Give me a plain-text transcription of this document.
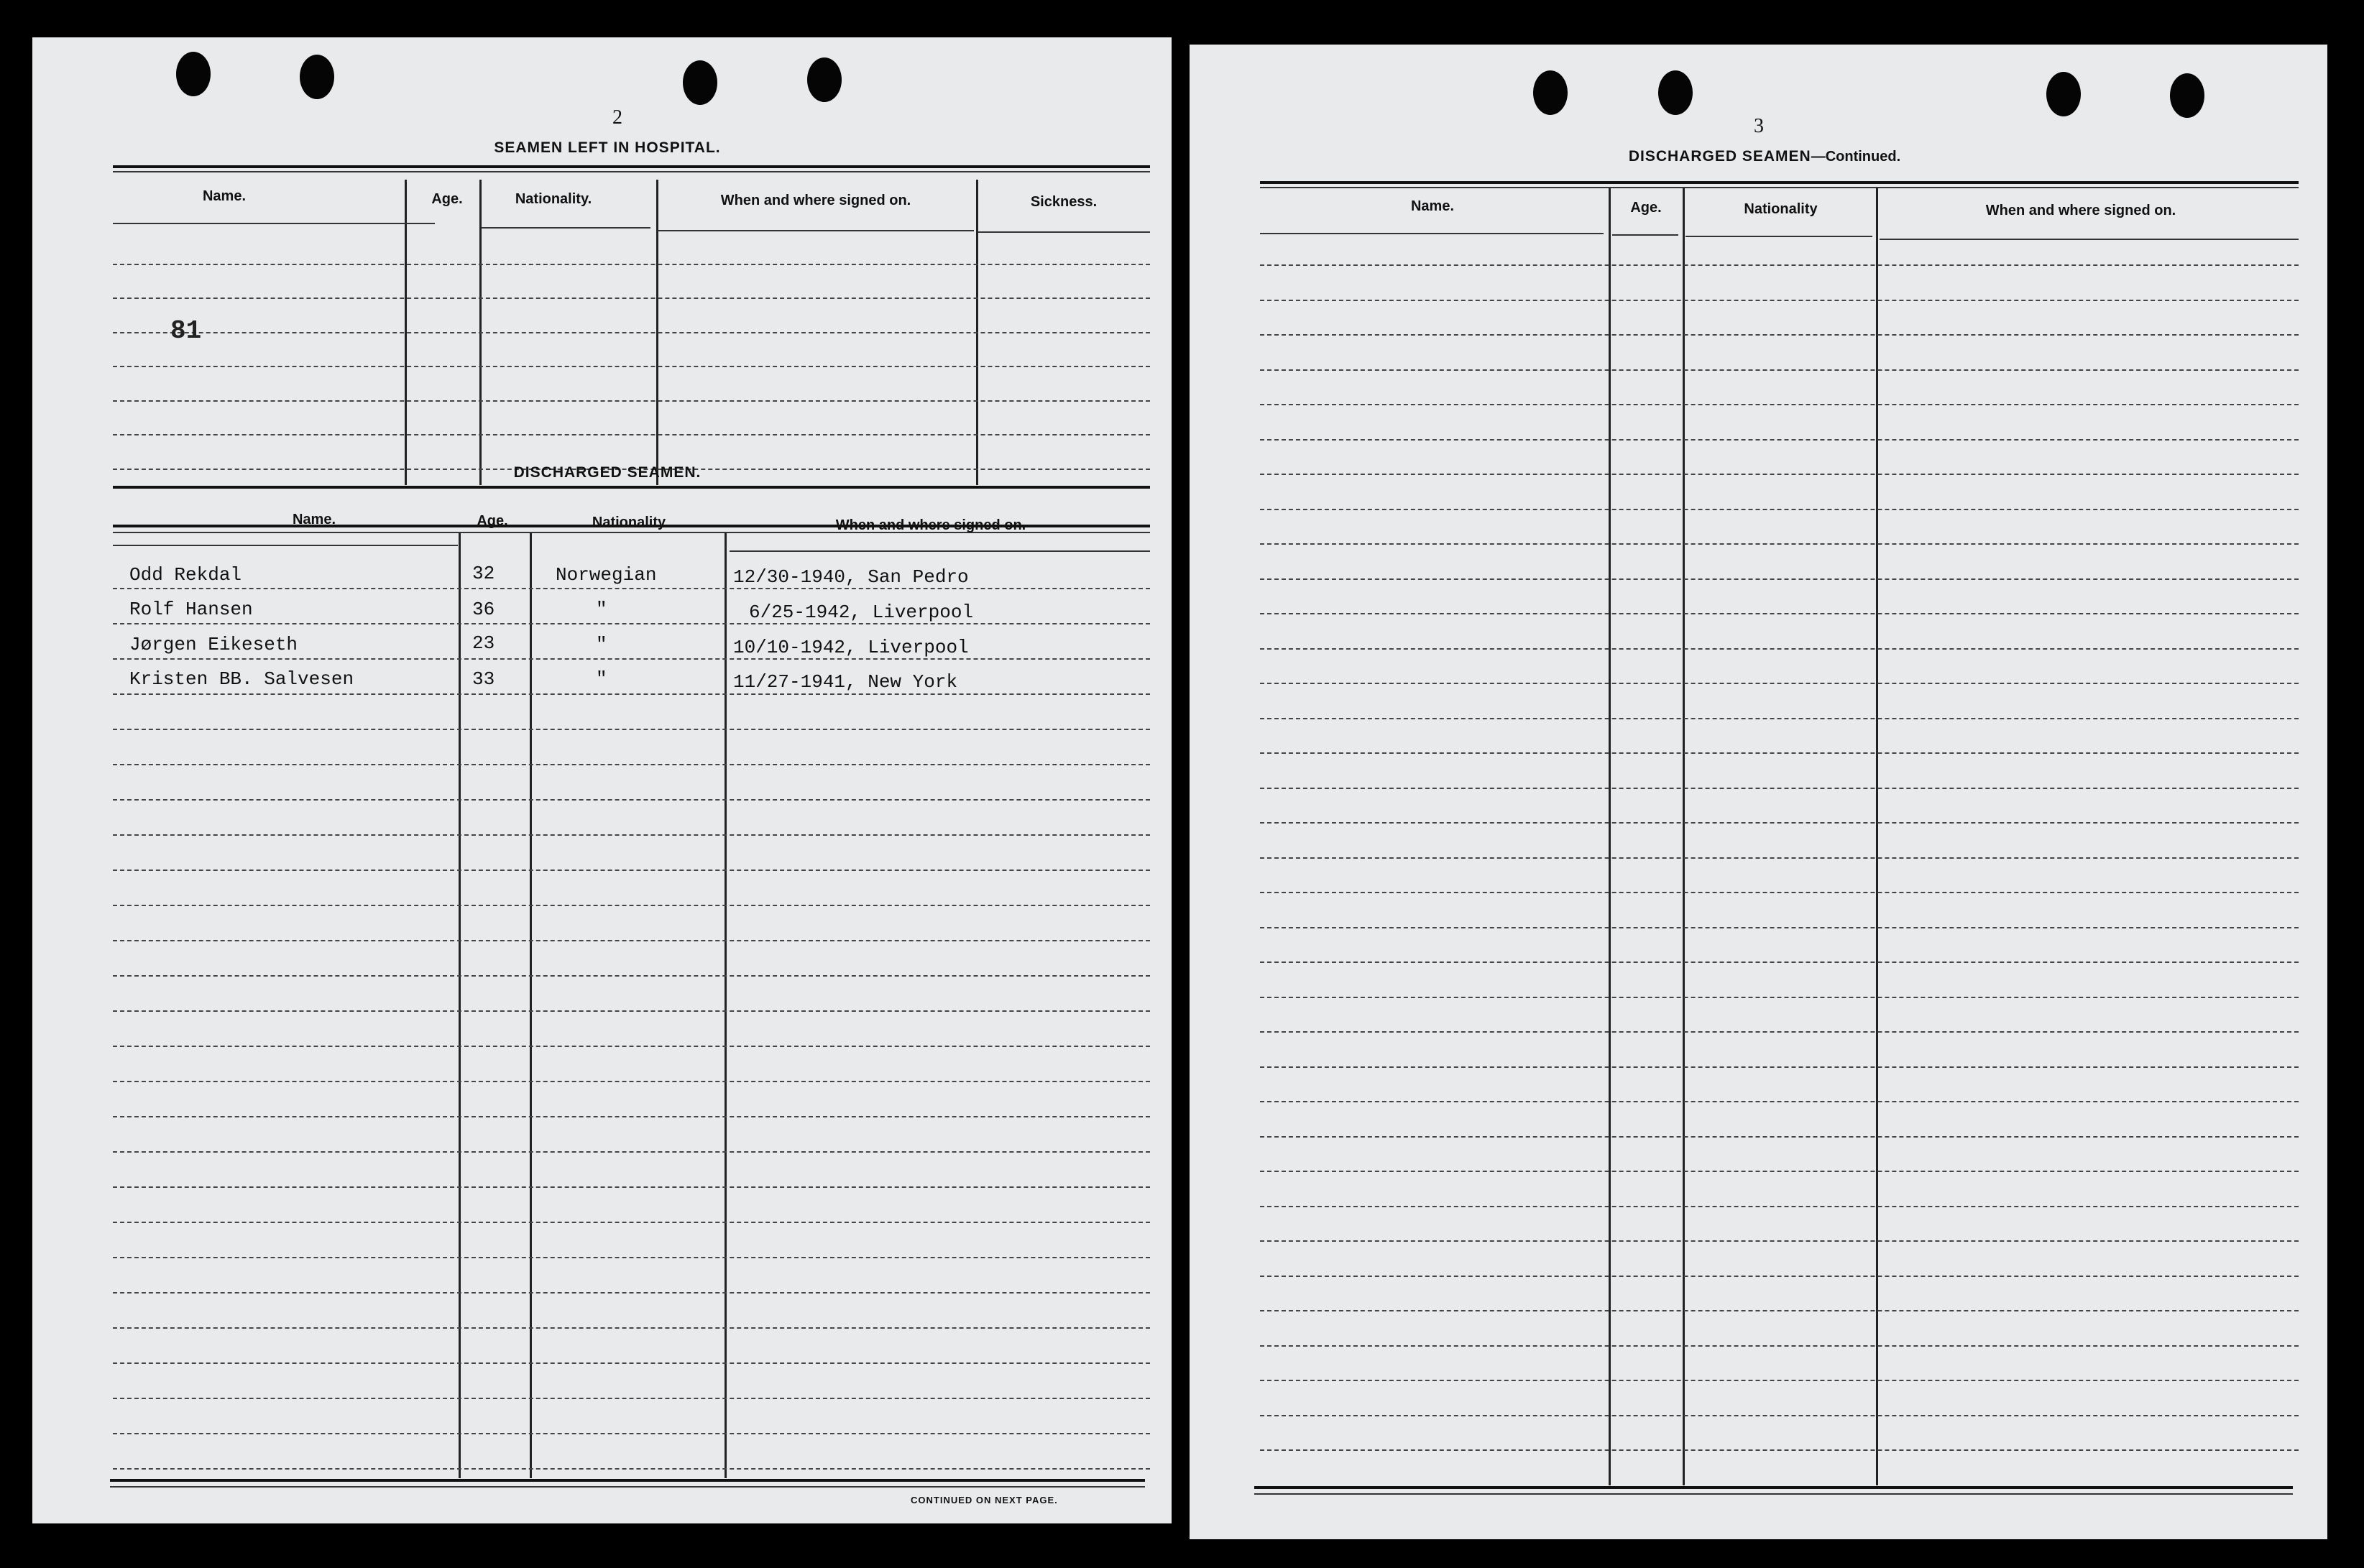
2
SEAMEN LEFT IN HOSPITAL.
Name.	Age.	Nationality.	When and where signed on.	Sickness.
81
DISCHARGED SEAMEN.
Name.	Age.	Nationality	When and where signed on.
Odd Rekdal	32	Norwegian	12/30-1940, San Pedro
Rolf Hansen	36	"	6/25-1942, Liverpool
Jørgen Eikeseth	23	"	10/10-1942, Liverpool
Kristen BB. Salvesen	33	"	11/27-1941, New York
CONTINUED ON NEXT PAGE.
3
DISCHARGED SEAMEN—Continued.
Name.	Age.	Nationality	When and where signed on.
